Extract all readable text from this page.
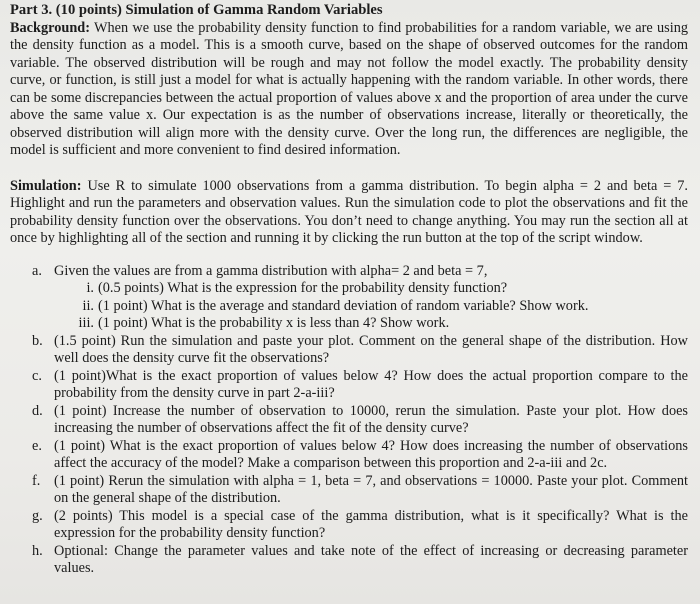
Part 3. (10 points) Simulation of Gamma Random Variables

Background: When we use the probability density function to find probabilities for a random variable, we are using the density function as a model. This is a smooth curve, based on the shape of observed outcomes for the random variable. The observed distribution will be rough and may not follow the model exactly. The probability density curve, or function, is still just a model for what is actually happening with the random variable. In other words, there can be some discrepancies between the actual proportion of values above x and the proportion of area under the curve above the same value x. Our expectation is as the number of observations increase, literally or theoretically, the observed distribution will align more with the density curve. Over the long run, the differences are negligible, the model is sufficient and more convenient to find desired information.

Simulation: Use R to simulate 1000 observations from a gamma distribution. To begin alpha = 2 and beta = 7. Highlight and run the parameters and observation values. Run the simulation code to plot the observations and fit the probability density function over the observations. You don’t need to change anything. You may run the section all at once by highlighting all of the section and running it by clicking the run button at the top of the script window.

a. Given the values are from a gamma distribution with alpha= 2 and beta = 7,
i. (0.5 points) What is the expression for the probability density function?
ii. (1 point) What is the average and standard deviation of random variable? Show work.
iii. (1 point) What is the probability x is less than 4? Show work.
b. (1.5 point) Run the simulation and paste your plot. Comment on the general shape of the distribution. How well does the density curve fit the observations?
c. (1 point)What is the exact proportion of values below 4? How does the actual proportion compare to the probability from the density curve in part 2-a-iii?
d. (1 point) Increase the number of observation to 10000, rerun the simulation. Paste your plot. How does increasing the number of observations affect the fit of the density curve?
e. (1 point) What is the exact proportion of values below 4? How does increasing the number of observations affect the accuracy of the model? Make a comparison between this proportion and 2-a-iii and 2c.
f. (1 point) Rerun the simulation with alpha = 1, beta = 7, and observations = 10000. Paste your plot. Comment on the general shape of the distribution.
g. (2 points) This model is a special case of the gamma distribution, what is it specifically? What is the expression for the probability density function?
h. Optional: Change the parameter values and take note of the effect of increasing or decreasing parameter values.
